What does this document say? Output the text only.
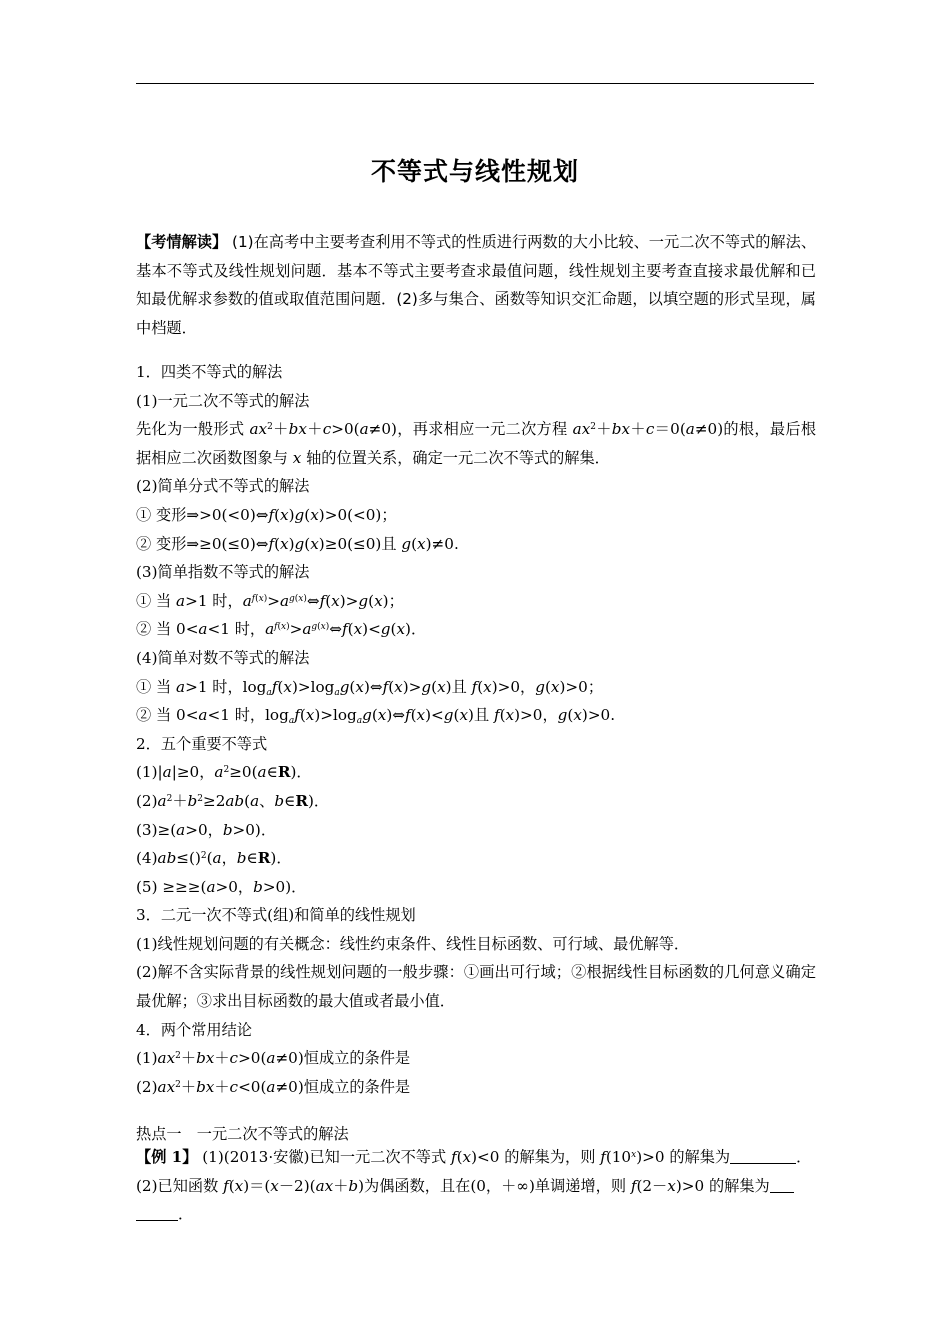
不等式与线性规划

【考情解读】 (1)在高考中主要考查利用不等式的性质进行两数的大小比较、一元二次不等式的解法、基本不等式及线性规划问题．基本不等式主要考查求最值问题，线性规划主要考查直接求最优解和已知最优解求参数的值或取值范围问题．(2)多与集合、函数等知识交汇命题，以填空题的形式呈现，属中档题．

1．四类不等式的解法

(1)一元二次不等式的解法

先化为一般形式 $ax^2+bx+c>0(a\ne 0)$，再求相应一元二次方程 $ax^2+bx+c=0(a\ne 0)$的根，最后根据相应二次函数图象与 x 轴的位置关系，确定一元二次不等式的解集．

(2)简单分式不等式的解法

① 变形⇒>0(<0)⇔f(x)g(x)>0(<0)；

② 变形⇒≥0(≤0)⇔f(x)g(x)≥0(≤0)且 g(x)≠0.

(3)简单指数不等式的解法

① 当 a>1 时，$a^{f(x)}>a^{g(x)}\Leftrightarrow f(x)>g(x)$；

② 当 0<a<1 时，$a^{f(x)}>a^{g(x)}\Leftrightarrow f(x)<g(x)$．

(4)简单对数不等式的解法

① 当 a>1 时，$\log_af(x)>\log_ag(x)\Leftrightarrow f(x)>g(x)$且 f(x)>0，g(x)>0；

② 当 0<a<1 时，$\log_af(x)>\log_ag(x)\Leftrightarrow f(x)<g(x)$且 f(x)>0，g(x)>0.

2．五个重要不等式

(1)|a|≥0，$a^2\ge 0(a\in R)$．

$(2)a^2+b^2\ge 2ab(a$、b∈R)．

(3)≥(a>0，b>0)．

(4)ab≤()$^2$(a，b∈R)．

(5) ≥≥≥(a>0，b>0)．

3．二元一次不等式(组)和简单的线性规划

(1)线性规划问题的有关概念：线性约束条件、线性目标函数、可行域、最优解等．

(2)解不含实际背景的线性规划问题的一般步骤：①画出可行域；②根据线性目标函数的几何意义确定最优解；③求出目标函数的最大值或者最小值．

4．两个常用结论

$(1)ax^2+bx+c>0(a\ne 0)$恒成立的条件是

$(2)ax^2+bx+c<0(a\ne 0)$恒成立的条件是

热点一　一元二次不等式的解法

【例 1】 (1)(2013·安徽)已知一元二次不等式 f(x)<0 的解集为，则 $f(10^x)>0$ 的解集为	．

(2)已知函数 f(x)＝(x－2)(ax＋b)为偶函数，且在(0，＋∞)单调递增，则 f(2－x)>0 的解集为

．
